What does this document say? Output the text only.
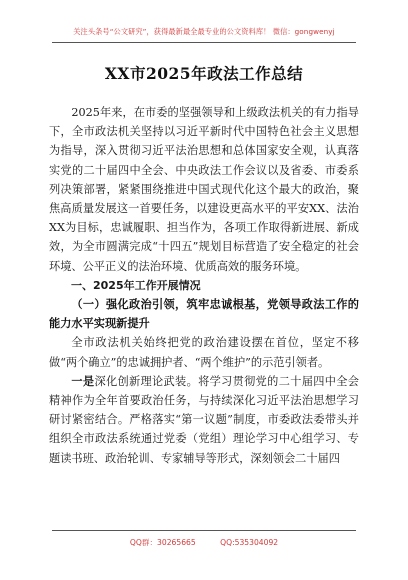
关注头条号“公文研究”，获得最新最全最专业的公文资料库！ 微信：gongwenyj
XX市2025年政法工作总结

2025年来，在市委的坚强领导和上级政法机关的有力指导下，全市政法机关坚持以习近平新时代中国特色社会主义思想为指导，深入贯彻习近平法治思想和总体国家安全观，认真落实党的二十届四中全会、中央政法工作会议以及省委、市委系列决策部署，紧紧围绕推进中国式现代化这个最大的政治，聚焦高质量发展这一首要任务，以建设更高水平的平安XX、法治XX为目标，忠诚履职、担当作为，各项工作取得新进展、新成效，为全市圆满完成“十四五”规划目标营造了安全稳定的社会环境、公平正义的法治环境、优质高效的服务环境。

一、2025年工作开展情况

（一）强化政治引领，筑牢忠诚根基，党领导政法工作的能力水平实现新提升

全市政法机关始终把党的政治建设摆在首位，坚定不移做“两个确立”的忠诚拥护者、“两个维护”的示范引领者。

一是深化创新理论武装。将学习贯彻党的二十届四中全会精神作为全年首要政治任务，与持续深化习近平法治思想学习研讨紧密结合。严格落实“第一议题”制度，市委政法委带头并组织全市政法系统通过党委（党组）理论学习中心组学习、专题读书班、政治轮训、专家辅导等形式，深刻领会二十届四

QQ群：30265665	QQ:535304092
